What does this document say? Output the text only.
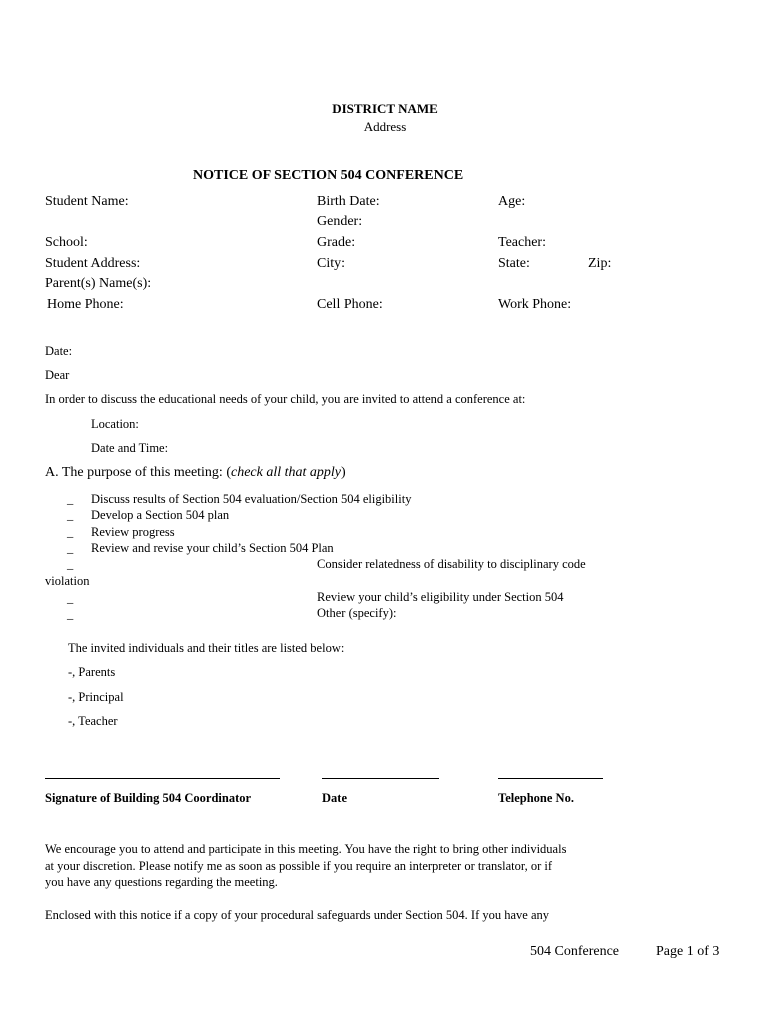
DISTRICT NAME
Address
NOTICE OF SECTION 504 CONFERENCE
Student Name:	Birth Date:	Age:
Gender:
School:	Grade:	Teacher:
Student Address:	City:	State:	Zip:
Parent(s) Name(s):
Home Phone:	Cell Phone:	Work Phone:
Date:
Dear
In order to discuss the educational needs of your child, you are invited to attend a conference at:
Location:
Date and Time:
A. The purpose of this meeting: (check all that apply)
_ Discuss results of Section 504 evaluation/Section 504 eligibility
_ Develop a Section 504 plan
_ Review progress
_ Review and revise your child’s Section 504 Plan
_	Consider relatedness of disability to disciplinary code
violation
_	Review your child’s eligibility under Section 504
_	Other (specify):
The invited individuals and their titles are listed below:
-, Parents
-, Principal
-, Teacher
Signature of Building 504 Coordinator	Date	Telephone No.
We encourage you to attend and participate in this meeting. You have the right to bring other individuals
at your discretion. Please notify me as soon as possible if you require an interpreter or translator, or if
you have any questions regarding the meeting.
Enclosed with this notice if a copy of your procedural safeguards under Section 504. If you have any
504 Conference	Page 1 of 3
